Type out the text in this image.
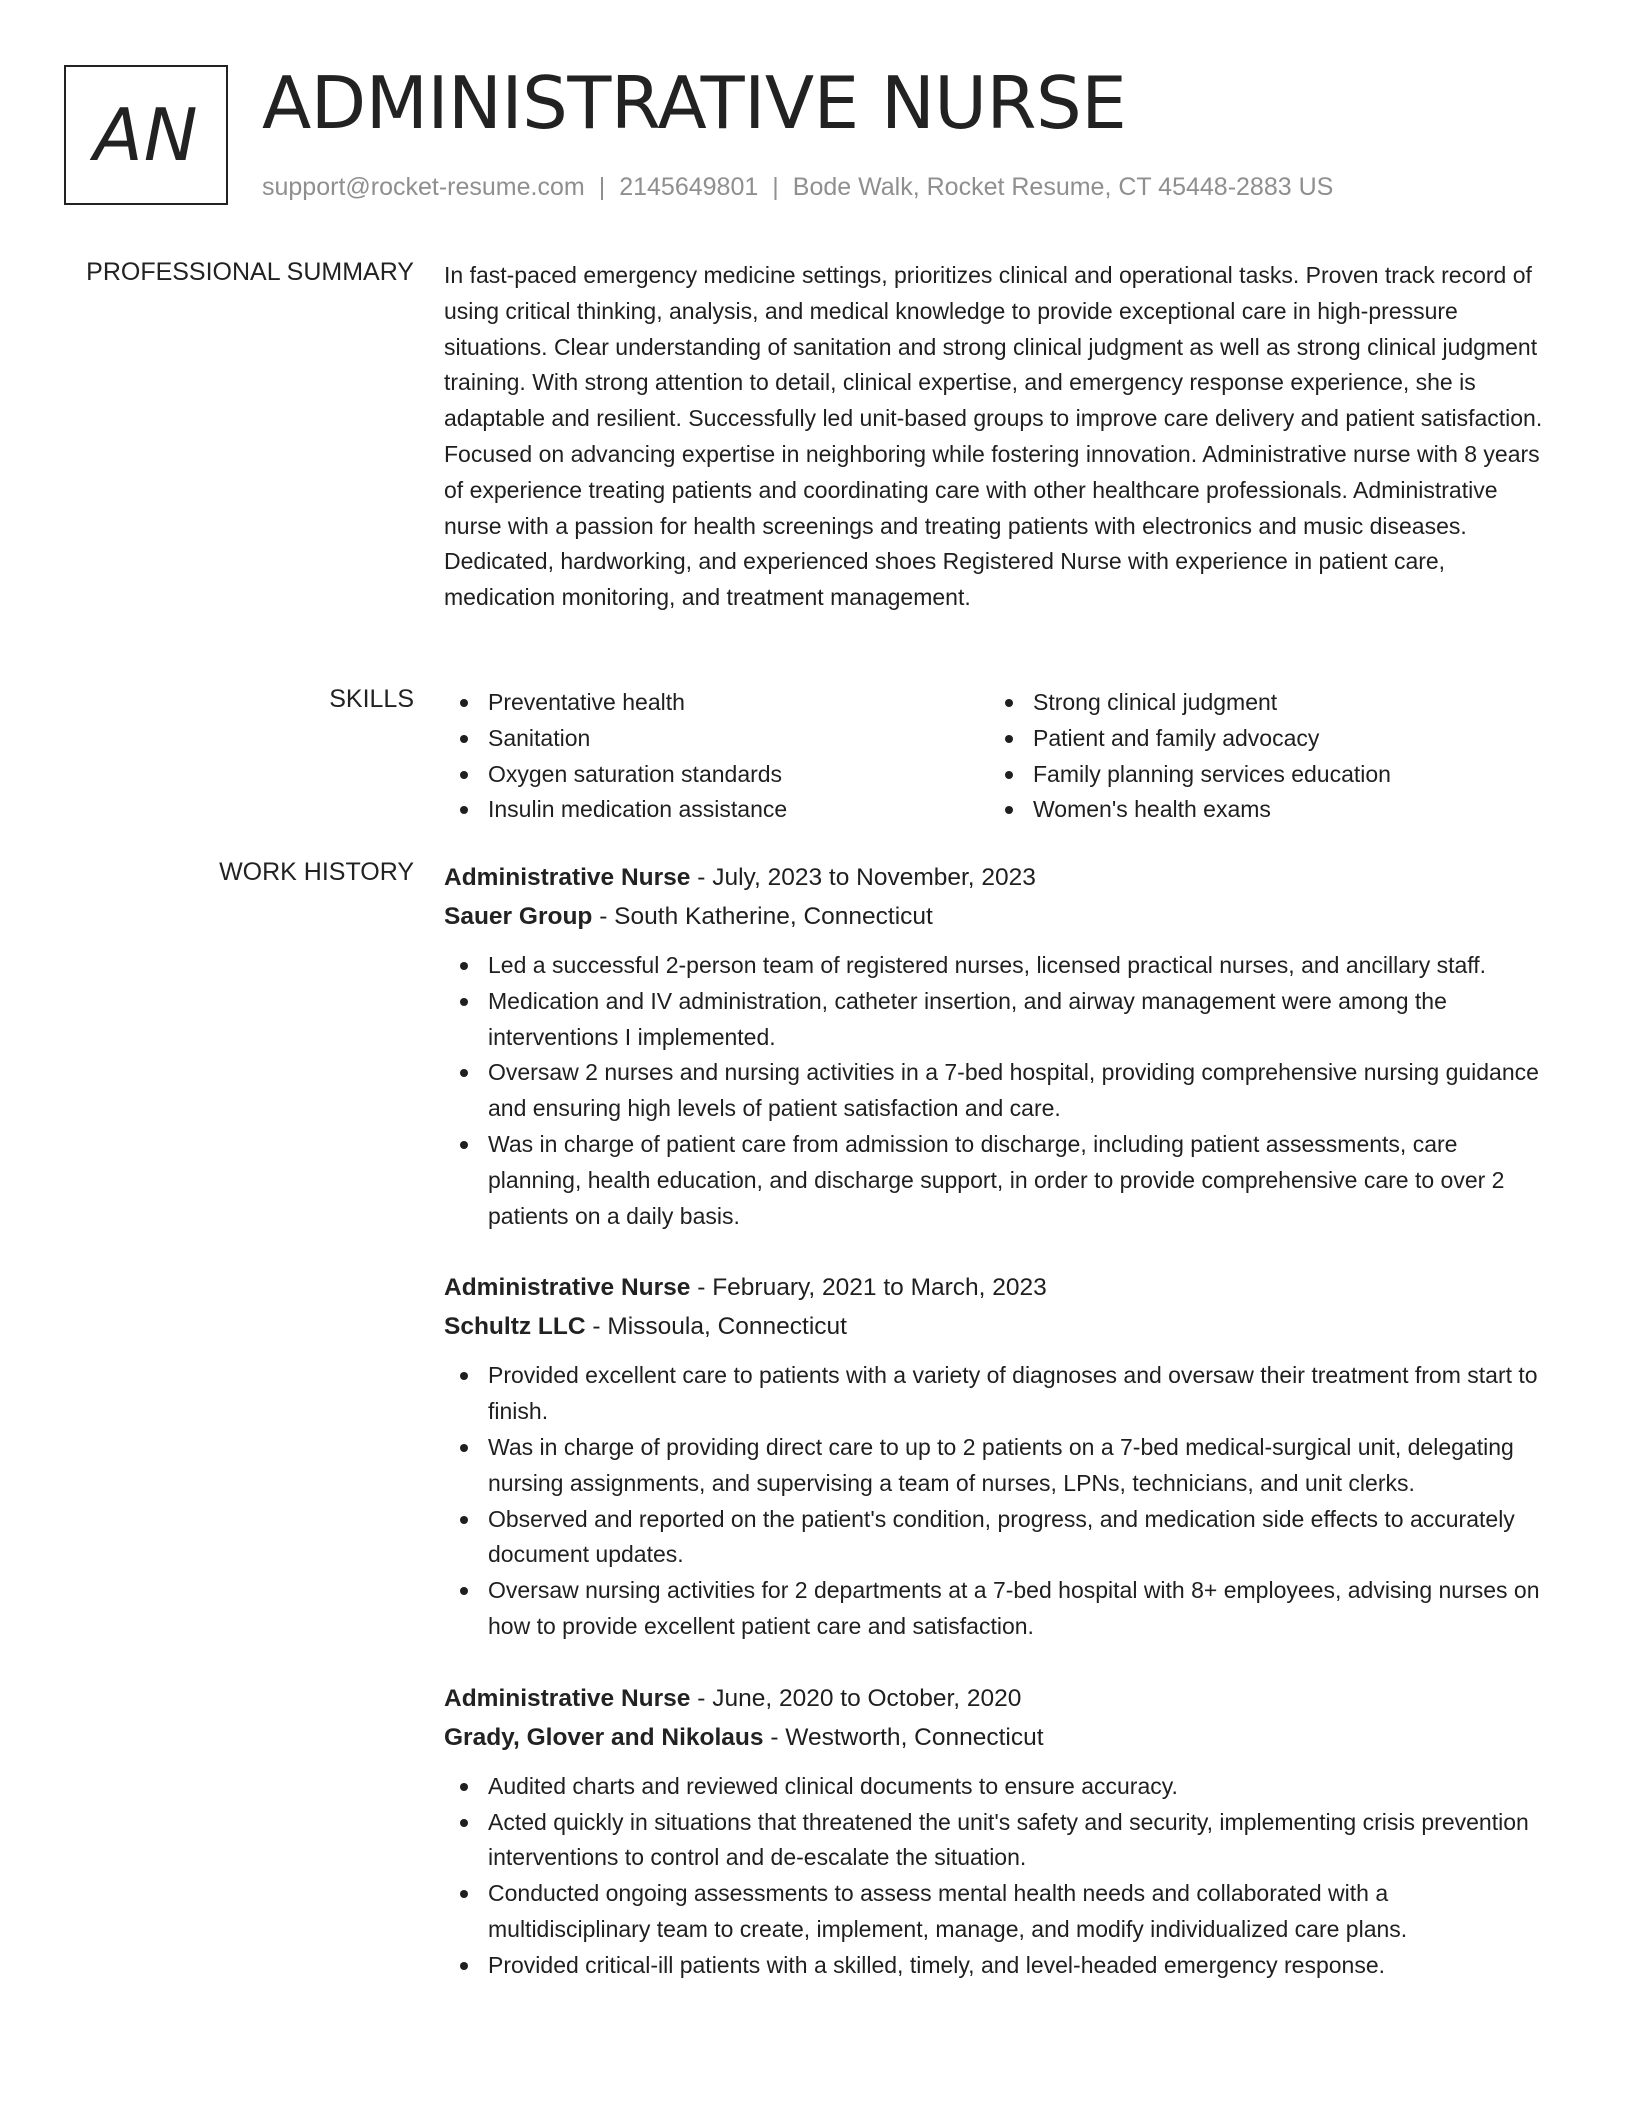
AN ADMINISTRATIVE NURSE
support@rocket-resume.com | 2145649801 | Bode Walk, Rocket Resume, CT 45448-2883 US
PROFESSIONAL SUMMARY In fast-paced emergency medicine settings, prioritizes clinical and operational tasks. Proven track record of using critical thinking, analysis, and medical knowledge to provide exceptional care in high-pressure situations. Clear understanding of sanitation and strong clinical judgment as well as strong clinical judgment training. With strong attention to detail, clinical expertise, and emergency response experience, she is adaptable and resilient. Successfully led unit-based groups to improve care delivery and patient satisfaction. Focused on advancing expertise in neighboring while fostering innovation. Administrative nurse with 8 years of experience treating patients and coordinating care with other healthcare professionals. Administrative nurse with a passion for health screenings and treating patients with electronics and music diseases. Dedicated, hardworking, and experienced shoes Registered Nurse with experience in patient care, medication monitoring, and treatment management.

SKILLS	Preventative health
Sanitation
Oxygen saturation standards
Insulin medication assistance
Strong clinical judgment
Patient and family advocacy
Family planning services education
Women's health exams
WORK HISTORY Administrative Nurse - July, 2023 to November, 2023

Sauer Group - South Katherine, Connecticut

Led a successful 2-person team of registered nurses, licensed practical nurses, and ancillary staff.
Medication and IV administration, catheter insertion, and airway management were among the interventions I implemented.
Oversaw 2 nurses and nursing activities in a 7-bed hospital, providing comprehensive nursing guidance and ensuring high levels of patient satisfaction and care.
Was in charge of patient care from admission to discharge, including patient assessments, care planning, health education, and discharge support, in order to provide comprehensive care to over 2 patients on a daily basis.

Administrative Nurse - February, 2021 to March, 2023

Schultz LLC - Missoula, Connecticut

Provided excellent care to patients with a variety of diagnoses and oversaw their treatment from start to finish.
Was in charge of providing direct care to up to 2 patients on a 7-bed medical-surgical unit, delegating nursing assignments, and supervising a team of nurses, LPNs, technicians, and unit clerks.
Observed and reported on the patient's condition, progress, and medication side effects to accurately document updates.
Oversaw nursing activities for 2 departments at a 7-bed hospital with 8+ employees, advising nurses on how to provide excellent patient care and satisfaction.

Administrative Nurse - June, 2020 to October, 2020

Grady, Glover and Nikolaus - Westworth, Connecticut

Audited charts and reviewed clinical documents to ensure accuracy.
Acted quickly in situations that threatened the unit's safety and security, implementing crisis prevention interventions to control and de-escalate the situation.
Conducted ongoing assessments to assess mental health needs and collaborated with a multidisciplinary team to create, implement, manage, and modify individualized care plans.
Provided critical-ill patients with a skilled, timely, and level-headed emergency response.
